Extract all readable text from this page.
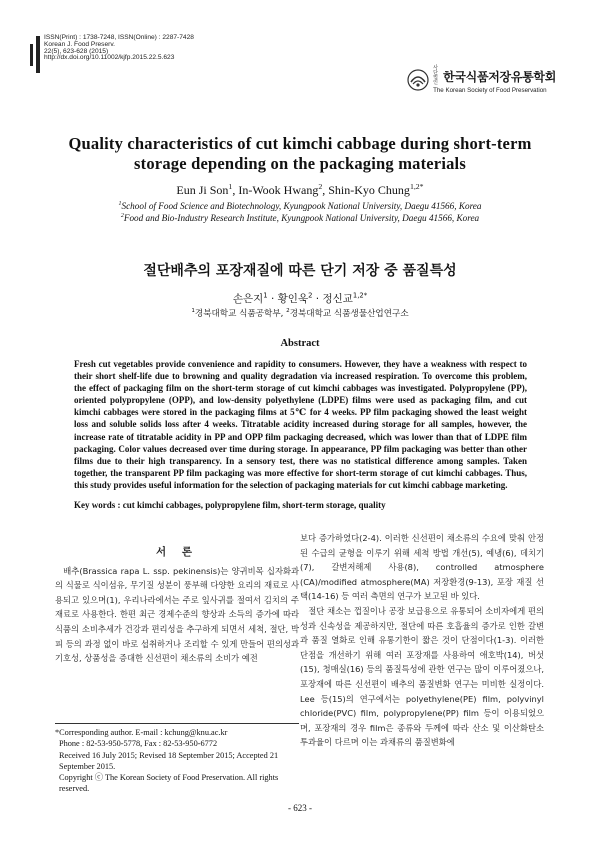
ISSN(Print) : 1738-7248, ISSN(Online) : 2287-7428
Korean J. Food Preserv.
22(5), 623-628 (2015)
http://dx.doi.org/10.11002/kjfp.2015.22.5.623
사단법인 한국식품저장유통학회
The Korean Society of Food Preservation
Quality characteristics of cut kimchi cabbage during short-term storage depending on the packaging materials
Eun Ji Son$^1$, In-Wook Hwang$^2$, Shin-Kyo Chung$^{1,2*}$
$^1$School of Food Science and Biotechnology, Kyungpook National University, Daegu 41566, Korea
$^2$Food and Bio-Industry Research Institute, Kyungpook National University, Daegu 41566, Korea
절단배추의 포장재질에 따른 단기 저장 중 품질특성
손은지$^1$ · 황인욱$^2$ · 정신교$^{1,2*}$
$^1$경북대학교 식품공학부, $^2$경북대학교 식품생물산업연구소
Abstract
Fresh cut vegetables provide convenience and rapidity to consumers. However, they have a weakness with respect to their short shelf-life due to browning and quality degradation via increased respiration. To overcome this problem, the effect of packaging film on the short-term storage of cut kimchi cabbages was investigated. Polypropylene (PP), oriented polypropylene (OPP), and low-density polyethylene (LDPE) films were used as packaging film, and cut kimchi cabbages were stored in the packaging films at 5℃ for 4 weeks. PP film packaging showed the least weight loss and soluble solids loss after 4 weeks. Titratable acidity increased during storage for all samples, however, the increase rate of titratable acidity in PP and OPP film packaging decreased, which was lower than that of LDPE film packaging. Color values decreased over time during storage. In appearance, PP film packaging was better than other films due to their high transparency. In a sensory test, there was no statistical difference among samples. Taken together, the transparent PP film packaging was more effective for short-term storage of cut kimchi cabbages. Thus, this study provides useful information for the selection of packaging materials for cut kimchi cabbage marketing.
Key words : cut kimchi cabbages, polypropylene film, short-term storage, quality
서 론

배추(Brassica rapa L. ssp. pekinensis)는 양귀비목 십자화과의 식물로 식이섬유, 무기질 성분이 풍부해 다양한 요리의 재료로 사용되고 있으며(1), 우리나라에서는 주로 잎사귀를 절여서 김치의 주재료로 사용한다. 한편 최근 경제수준의 향상과 소득의 증가에 따라 식품의 소비추세가 건강과 편리성을 추구하게 되면서 세척, 절단, 박피 등의 과정 없이 바로 섭취하거나 조리할 수 있게 만들어 편의성과 기호성, 상품성을 증대한 신선편이 채소류의 소비가 예전

보다 증가하였다(2-4). 이러한 신선편이 채소류의 수요에 맞춰 안정된 수급의 균형을 이루기 위해 세척 방법 개선(5), 예냉(6), 데치기(7), 갈변저해제 사용(8), controlled atmosphere (CA)/modified atmosphere(MA) 저장환경(9-13), 포장 재질 선택(14-16) 등 여러 측면의 연구가 보고된 바 있다.

절단 채소는 껍질이나 공장 보급용으로 유통되어 소비자에게 편의성과 신속성을 제공하지만, 절단에 따른 호흡율의 증가로 인한 갈변과 품질 열화로 인해 유통기한이 짧은 것이 단점이다(1-3). 이러한 단점을 개선하기 위해 여러 포장재를 사용하여 애호박(14), 버섯(15), 청매실(16) 등의 품질특성에 관한 연구는 많이 이루어졌으나, 포장재에 따른 신선편이 배추의 품질변화 연구는 미비한 실정이다. Lee 등(15)의 연구에서는 polyethylene(PE) film, polyvinyl chloride(PVC) film, polypropylene(PP) film 등이 이용되었으며, 포장재의 경우 film은 종류와 두께에 따라 산소 및 이산화탄소 투과율이 다르며 이는 과채류의 품질변화에

*Corresponding author. E-mail : kchung@knu.ac.kr
Phone : 82-53-950-5778, Fax : 82-53-950-6772
Received 16 July 2015; Revised 18 September 2015; Accepted 21 September 2015.
Copyright ⓒ The Korean Society of Food Preservation. All rights reserved.
- 623 -
